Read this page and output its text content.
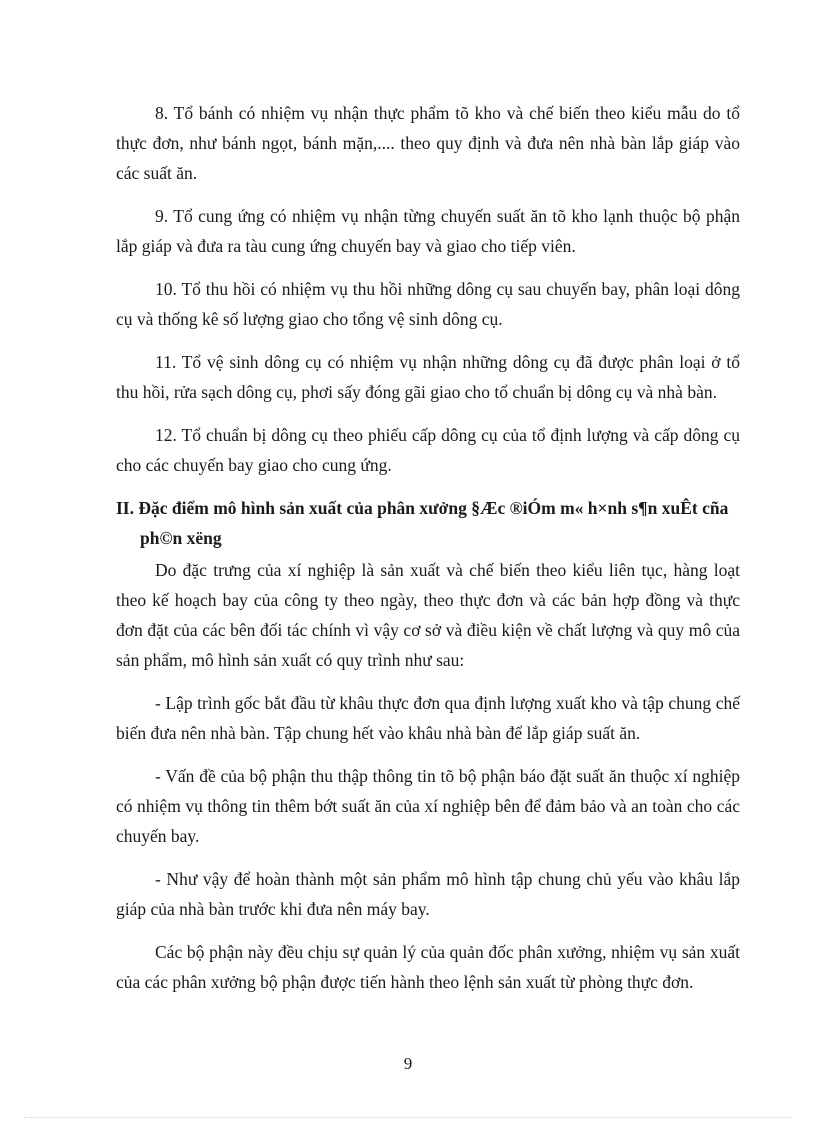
8. Tổ bánh có nhiệm vụ nhận thực phẩm tõ kho và chế biến theo kiểu mẫu do tổ thực đơn, như bánh ngọt, bánh mặn,.... theo quy định và đưa nên nhà bàn lắp giáp vào các suất ăn.

9. Tổ cung ứng có nhiệm vụ nhận từng chuyến suất ăn tõ kho lạnh thuộc bộ phận lắp giáp và đưa ra tàu cung ứng chuyến bay và giao cho tiếp viên.

10. Tổ thu hồi có nhiệm vụ thu hồi những dông cụ sau chuyến bay, phân loại dông cụ và thống kê số lượng giao cho tổng vệ sinh dông cụ.

11. Tổ vệ sinh dông cụ có nhiệm vụ nhận những dông cụ đã được phân loại ở tổ thu hồi, rửa sạch dông cụ, phơi sấy đóng gãi giao cho tổ chuẩn bị dông cụ và nhà bàn.

12. Tổ chuẩn bị dông cụ theo phiếu cấp dông cụ của tổ định lượng và cấp dông cụ cho các chuyến bay giao cho cung ứng.

II. Đặc điểm mô hình sản xuất của phân xưởng §Æc ®iÓm m« h×nh s¶n xuÊt cña ph©n xëng

Do đặc trưng của xí nghiệp là sản xuất và chế biến theo kiểu liên tục, hàng loạt theo kế hoạch bay của công ty theo ngày, theo thực đơn và các bản hợp đồng và thực đơn đặt của các bên đối tác chính vì vậy cơ sở và điều kiện về chất lượng và quy mô của sản phẩm, mô hình sản xuất có quy trình như sau:

- Lập trình gốc bắt đầu từ khâu thực đơn qua định lượng xuất kho và tập chung chế biến đưa nên nhà bàn. Tập chung hết vào khâu nhà bàn để lắp giáp suất ăn.

- Vấn đề của bộ phận thu thập thông tin tõ bộ phận báo đặt suất ăn thuộc xí nghiệp có nhiệm vụ thông tin thêm bớt suất ăn của xí nghiệp bên để đảm bảo và an toàn cho các chuyến bay.

- Như vậy để hoàn thành một sản phẩm mô hình tập chung chủ yếu vào khâu lắp giáp của nhà bàn trước khi đưa nên máy bay.

Các bộ phận này đều chịu sự quản lý của quản đốc phân xưởng, nhiệm vụ sản xuất của các phân xưởng bộ phận được tiến hành theo lệnh sản xuất từ phòng thực đơn.

9
